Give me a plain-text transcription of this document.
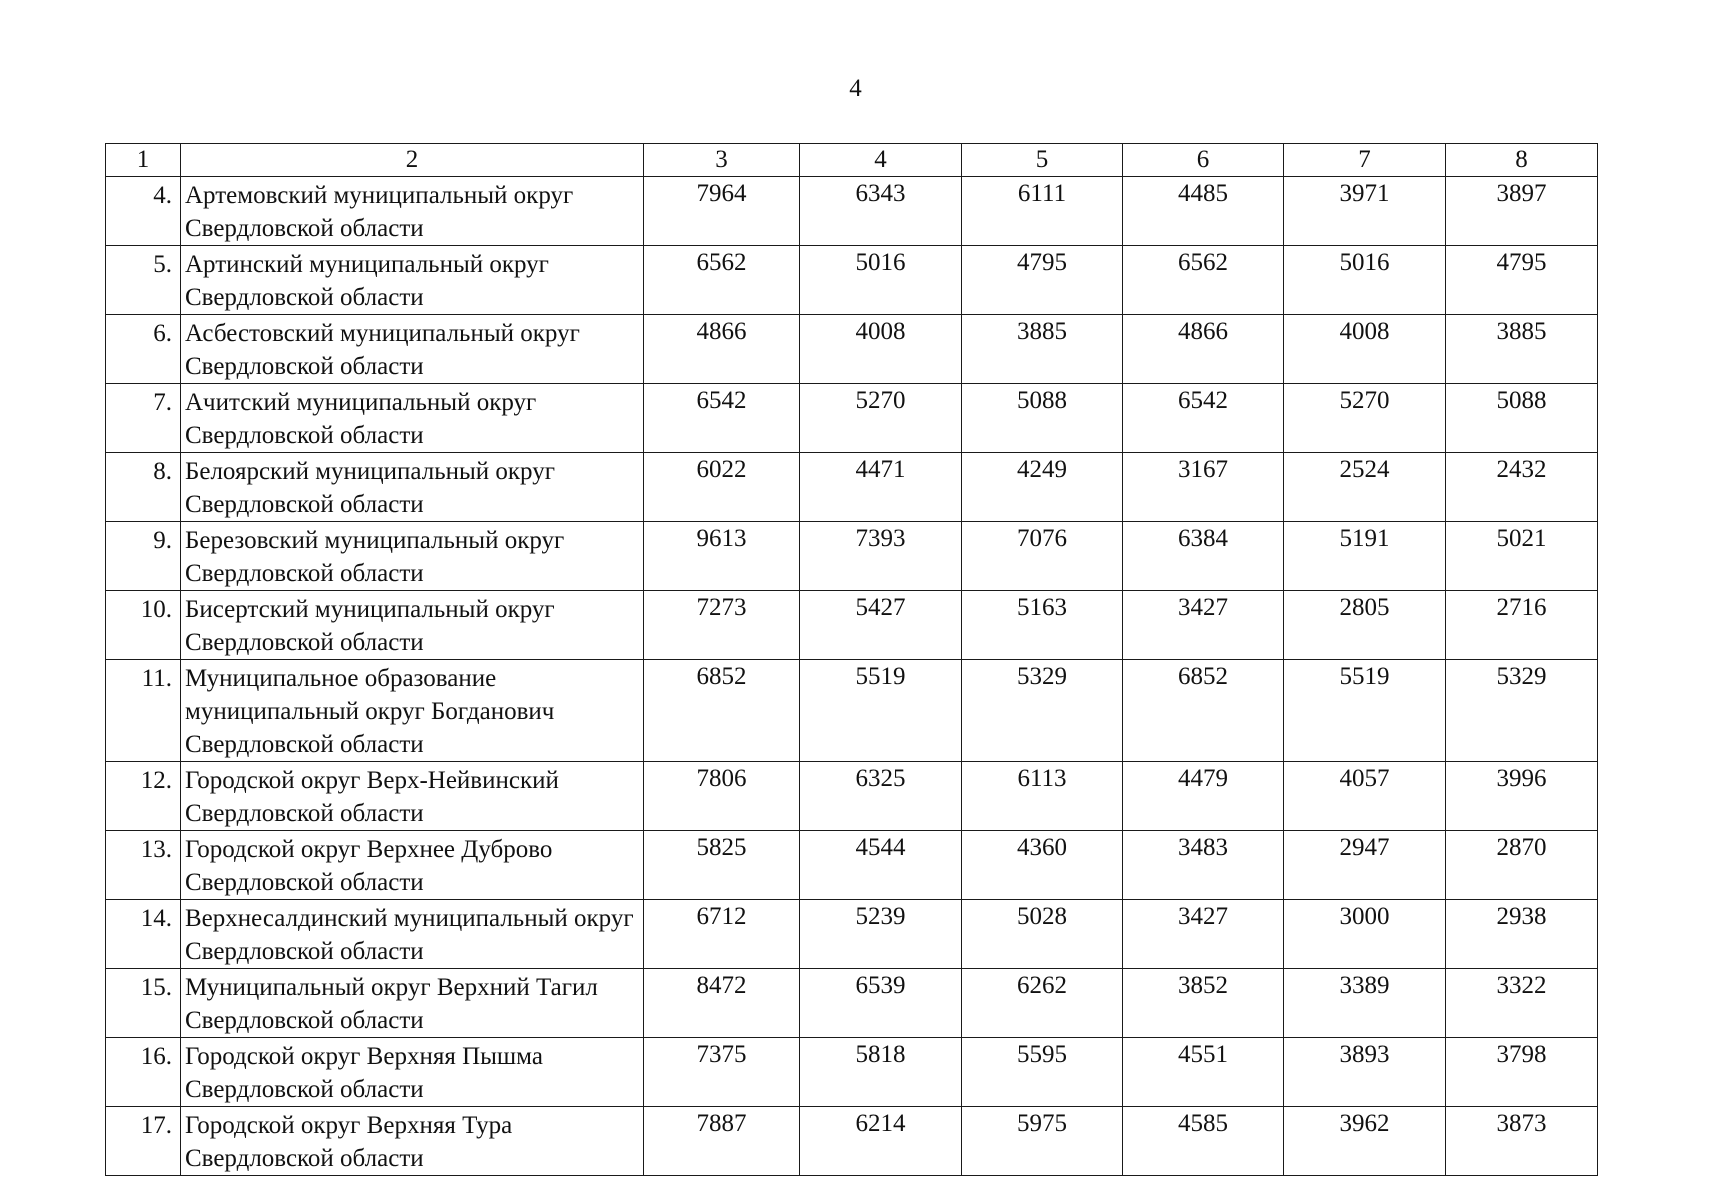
4
1	2	3	4	5	6	7	8
4.	Артемовский муниципальный округ Свердловской области	7964	6343	6111	4485	3971	3897
5.	Артинский муниципальный округ Свердловской области	6562	5016	4795	6562	5016	4795
6.	Асбестовский муниципальный округ Свердловской области	4866	4008	3885	4866	4008	3885
7.	Ачитский муниципальный округ Свердловской области	6542	5270	5088	6542	5270	5088
8.	Белоярский муниципальный округ Свердловской области	6022	4471	4249	3167	2524	2432
9.	Березовский муниципальный округ Свердловской области	9613	7393	7076	6384	5191	5021
10.	Бисертский муниципальный округ Свердловской области	7273	5427	5163	3427	2805	2716
11.	Муниципальное образование муниципальный округ Богданович Свердловской области	6852	5519	5329	6852	5519	5329
12.	Городской округ Верх-Нейвинский Свердловской области	7806	6325	6113	4479	4057	3996
13.	Городской округ Верхнее Дуброво Свердловской области	5825	4544	4360	3483	2947	2870
14.	Верхнесалдинский муниципальный округ Свердловской области	6712	5239	5028	3427	3000	2938
15.	Муниципальный округ Верхний Тагил Свердловской области	8472	6539	6262	3852	3389	3322
16.	Городской округ Верхняя Пышма Свердловской области	7375	5818	5595	4551	3893	3798
17.	Городской округ Верхняя Тура Свердловской области	7887	6214	5975	4585	3962	3873
